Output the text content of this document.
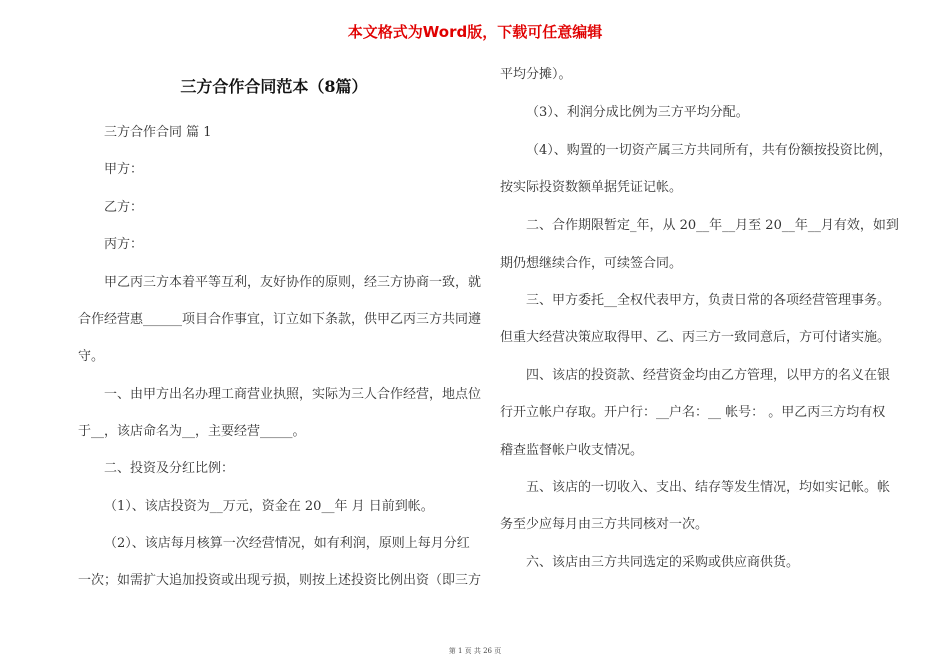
本文格式为Word版，下载可任意编辑
三方合作合同范本（8篇）
三方合作合同 篇 1
甲方：
乙方：
丙方：
甲乙丙三方本着平等互利，友好协作的原则，经三方协商一致，就
合作经营惠______项目合作事宜，订立如下条款，供甲乙丙三方共同遵
守。
一、由甲方出名办理工商营业执照，实际为三人合作经营，地点位
于__，该店命名为__，主要经营_____。
二、投资及分红比例：
（1）、该店投资为__万元，资金在 20__年 月 日前到帐。
（2）、该店每月核算一次经营情况，如有利润，原则上每月分红
一次；如需扩大追加投资或出现亏损，则按上述投资比例出资（即三方
平均分摊）。
（3）、利润分成比例为三方平均分配。
（4）、购置的一切资产属三方共同所有，共有份额按投资比例，
按实际投资数额单据凭证记帐。
二、合作期限暂定_年，从 20__年__月至 20__年__月有效，如到
期仍想继续合作，可续签合同。
三、甲方委托__全权代表甲方，负责日常的各项经营管理事务。
但重大经营决策应取得甲、乙、丙三方一致同意后，方可付诸实施。
四、该店的投资款、经营资金均由乙方管理，以甲方的名义在银
行开立帐户存取。开户行：__户名：__ 帐号： 。甲乙丙三方均有权
稽查监督帐户收支情况。
五、该店的一切收入、支出、结存等发生情况，均如实记帐。帐
务至少应每月由三方共同核对一次。
六、该店由三方共同选定的采购或供应商供货。
第 1 页 共 26 页
